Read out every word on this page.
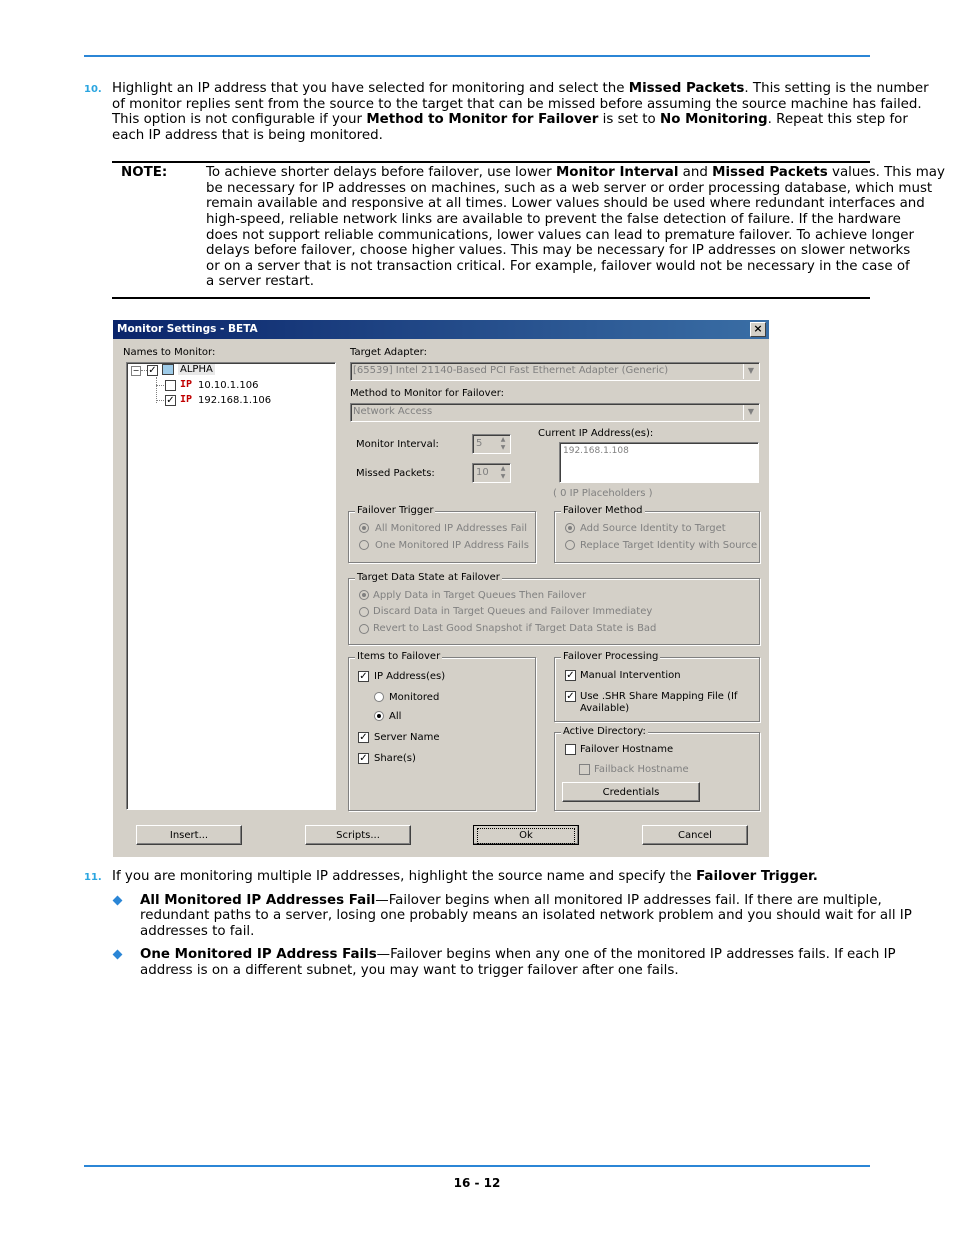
10. Highlight an IP address that you have selected for monitoring and select the Missed Packets. This setting is the number
of monitor replies sent from the source to the target that can be missed before assuming the source machine has failed.
This option is not configurable if your Method to Monitor for Failover is set to No Monitoring. Repeat this step for
each IP address that is being monitored.
NOTE:	To achieve shorter delays before failover, use lower Monitor Interval and Missed Packets values. This may
be necessary for IP addresses on machines, such as a web server or order processing database, which must
remain available and responsive at all times. Lower values should be used where redundant interfaces and
high-speed, reliable network links are available to prevent the false detection of failure. If the hardware
does not support reliable communications, lower values can lead to premature failover. To achieve longer
delays before failover, choose higher values. This may be necessary for IP addresses on slower networks
or on a server that is not transaction critical. For example, failover would not be necessary in the case of
a server restart.
Monitor Settings - BETA	×
Names to Monitor:
− ✓ ALPHA
IP 10.10.1.106
✓ IP 192.168.1.106
Target Adapter:
[65539] Intel 21140-Based PCI Fast Ethernet Adapter (Generic)	▼
Method to Monitor for Failover:
Network Access	▼
Monitor Interval:	5	▲
▼
Missed Packets:	10	▲
▼
Current IP Address(es):
192.168.1.108
( 0 IP Placeholders )
Failover Trigger
All Monitored IP Addresses Fail
One Monitored IP Address Fails
Failover Method
Add Source Identity to Target
Replace Target Identity with Source
Target Data State at Failover
Apply Data in Target Queues Then Failover
Discard Data in Target Queues and Failover Immediatey
Revert to Last Good Snapshot if Target Data State is Bad
Items to Failover
✓ IP Address(es)
Monitored
All
✓ Server Name
✓ Share(s)
Failover Processing
✓ Manual Intervention
✓ Use .SHR Share Mapping File (If
Available)
Active Directory:
Failover Hostname
Failback Hostname
Credentials
Insert...	Scripts...	Ok	Cancel
11. If you are monitoring multiple IP addresses, highlight the source name and specify the Failover Trigger.
All Monitored IP Addresses Fail—Failover begins when all monitored IP addresses fail. If there are multiple,
redundant paths to a server, losing one probably means an isolated network problem and you should wait for all IP
addresses to fail.
One Monitored IP Address Fails—Failover begins when any one of the monitored IP addresses fails. If each IP
address is on a different subnet, you may want to trigger failover after one fails.
16 - 12
